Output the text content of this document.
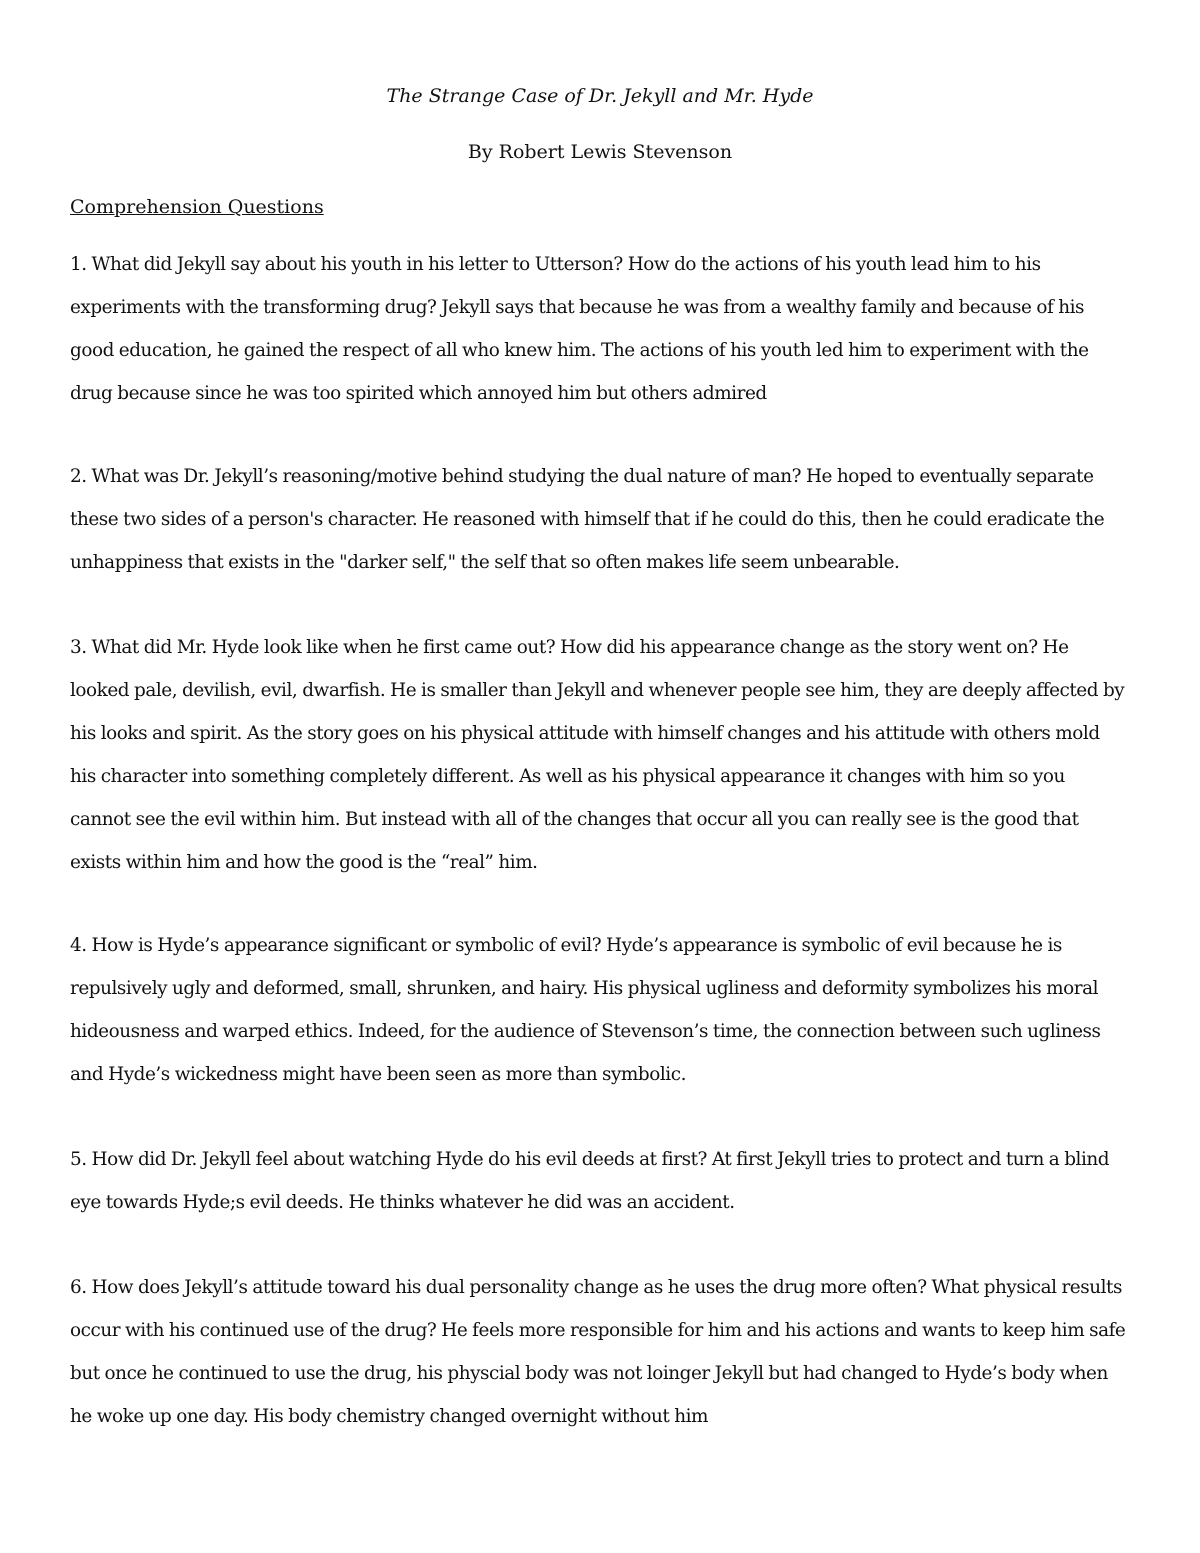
The Strange Case of Dr. Jekyll and Mr. Hyde
By Robert Lewis Stevenson
Comprehension Questions

1. What did Jekyll say about his youth in his letter to Utterson? How do the actions of his youth lead him to his experiments with the transforming drug? Jekyll says that because he was from a wealthy family and because of his good education, he gained the respect of all who knew him. The actions of his youth led him to experiment with the drug because since he was too spirited which annoyed him but others admired

2. What was Dr. Jekyll’s reasoning/motive behind studying the dual nature of man? He hoped to eventually separate these two sides of a person's character. He reasoned with himself that if he could do this, then he could eradicate the unhappiness that exists in the "darker self," the self that so often makes life seem unbearable.

3. What did Mr. Hyde look like when he first came out? How did his appearance change as the story went on? He looked pale, devilish, evil, dwarfish. He is smaller than Jekyll and whenever people see him, they are deeply affected by his looks and spirit. As the story goes on his physical attitude with himself changes and his attitude with others mold his character into something completely different. As well as his physical appearance it changes with him so you cannot see the evil within him. But instead with all of the changes that occur all you can really see is the good that exists within him and how the good is the “real” him.

4. How is Hyde’s appearance significant or symbolic of evil? Hyde’s appearance is symbolic of evil because he is repulsively ugly and deformed, small, shrunken, and hairy. His physical ugliness and deformity symbolizes his moral hideousness and warped ethics. Indeed, for the audience of Stevenson’s time, the connection between such ugliness and Hyde’s wickedness might have been seen as more than symbolic.

5. How did Dr. Jekyll feel about watching Hyde do his evil deeds at first? At first Jekyll tries to protect and turn a blind eye towards Hyde;s evil deeds. He thinks whatever he did was an accident.

6. How does Jekyll’s attitude toward his dual personality change as he uses the drug more often? What physical results occur with his continued use of the drug? He feels more responsible for him and his actions and wants to keep him safe but once he continued to use the drug, his physcial body was not loinger Jekyll but had changed to Hyde’s body when he woke up one day. His body chemistry changed overnight without him
